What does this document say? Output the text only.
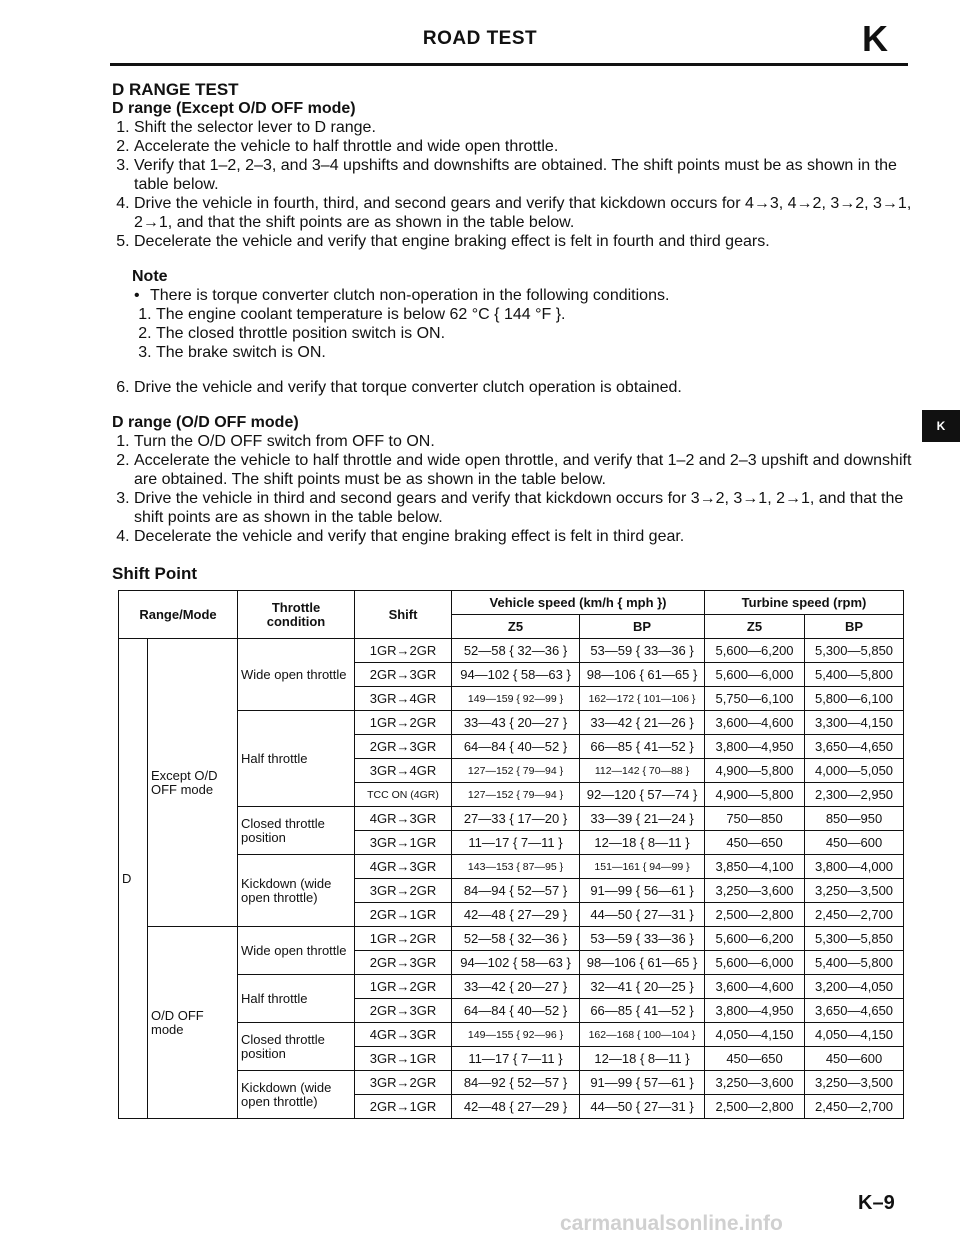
ROAD TEST	K
K
D RANGE TEST
D range (Except O/D OFF mode)
1. Shift the selector lever to D range.
2. Accelerate the vehicle to half throttle and wide open throttle.
3. Verify that 1–2, 2–3, and 3–4 upshifts and downshifts are obtained. The shift points must be as shown in the table below.
4. Drive the vehicle in fourth, third, and second gears and verify that kickdown occurs for 4→3, 4→2, 3→2, 3→1, 2→1, and that the shift points are as shown in the table below.
5. Decelerate the vehicle and verify that engine braking effect is felt in fourth and third gears.
Note
• There is torque converter clutch non-operation in the following conditions.
1. The engine coolant temperature is below 62 °C { 144 °F }.
2. The closed throttle position switch is ON.
3. The brake switch is ON.
6. Drive the vehicle and verify that torque converter clutch operation is obtained.
D range (O/D OFF mode)
1. Turn the O/D OFF switch from OFF to ON.
2. Accelerate the vehicle to half throttle and wide open throttle, and verify that 1–2 and 2–3 upshift and downshift are obtained. The shift points must be as shown in the table below.
3. Drive the vehicle in third and second gears and verify that kickdown occurs for 3→2, 3→1, 2→1, and that the shift points are as shown in the table below.
4. Decelerate the vehicle and verify that engine braking effect is felt in third gear.
Shift Point
Range/Mode		Throttle condition	Shift	Vehicle speed (km/h { mph })		Turbine speed (rpm)	
				Z5	BP	Z5	BP
D	Except O/D OFF mode	Wide open throttle	1GR→2GR	52—58 { 32—36 }	53—59 { 33—36 }	5,600—6,200	5,300—5,850
			2GR→3GR	94—102 { 58—63 }	98—106 { 61—65 }	5,600—6,000	5,400—5,800
			3GR→4GR	149—159 { 92—99 }	162—172 { 101—106 }	5,750—6,100	5,800—6,100
		Half throttle	1GR→2GR	33—43 { 20—27 }	33—42 { 21—26 }	3,600—4,600	3,300—4,150
			2GR→3GR	64—84 { 40—52 }	66—85 { 41—52 }	3,800—4,950	3,650—4,650
			3GR→4GR	127—152 { 79—94 }	112—142 { 70—88 }	4,900—5,800	4,000—5,050
			TCC ON (4GR)	127—152 { 79—94 }	92—120 { 57—74 }	4,900—5,800	2,300—2,950
		Closed throttle position	4GR→3GR	27—33 { 17—20 }	33—39 { 21—24 }	750—850	850—950
			3GR→1GR	11—17 { 7—11 }	12—18 { 8—11 }	450—650	450—600
		Kickdown (wide open throttle)	4GR→3GR	143—153 { 87—95 }	151—161 { 94—99 }	3,850—4,100	3,800—4,000
			3GR→2GR	84—94 { 52—57 }	91—99 { 56—61 }	3,250—3,600	3,250—3,500
			2GR→1GR	42—48 { 27—29 }	44—50 { 27—31 }	2,500—2,800	2,450—2,700
	O/D OFF mode	Wide open throttle	1GR→2GR	52—58 { 32—36 }	53—59 { 33—36 }	5,600—6,200	5,300—5,850
			2GR→3GR	94—102 { 58—63 }	98—106 { 61—65 }	5,600—6,000	5,400—5,800
		Half throttle	1GR→2GR	33—42 { 20—27 }	32—41 { 20—25 }	3,600—4,600	3,200—4,050
			2GR→3GR	64—84 { 40—52 }	66—85 { 41—52 }	3,800—4,950	3,650—4,650
		Closed throttle position	4GR→3GR	149—155 { 92—96 }	162—168 { 100—104 }	4,050—4,150	4,050—4,150
			3GR→1GR	11—17 { 7—11 }	12—18 { 8—11 }	450—650	450—600
		Kickdown (wide open throttle)	3GR→2GR	84—92 { 52—57 }	91—99 { 57—61 }	3,250—3,600	3,250—3,500
			2GR→1GR	42—48 { 27—29 }	44—50 { 27—31 }	2,500—2,800	2,450—2,700
K–9
carmanualsonline.info
